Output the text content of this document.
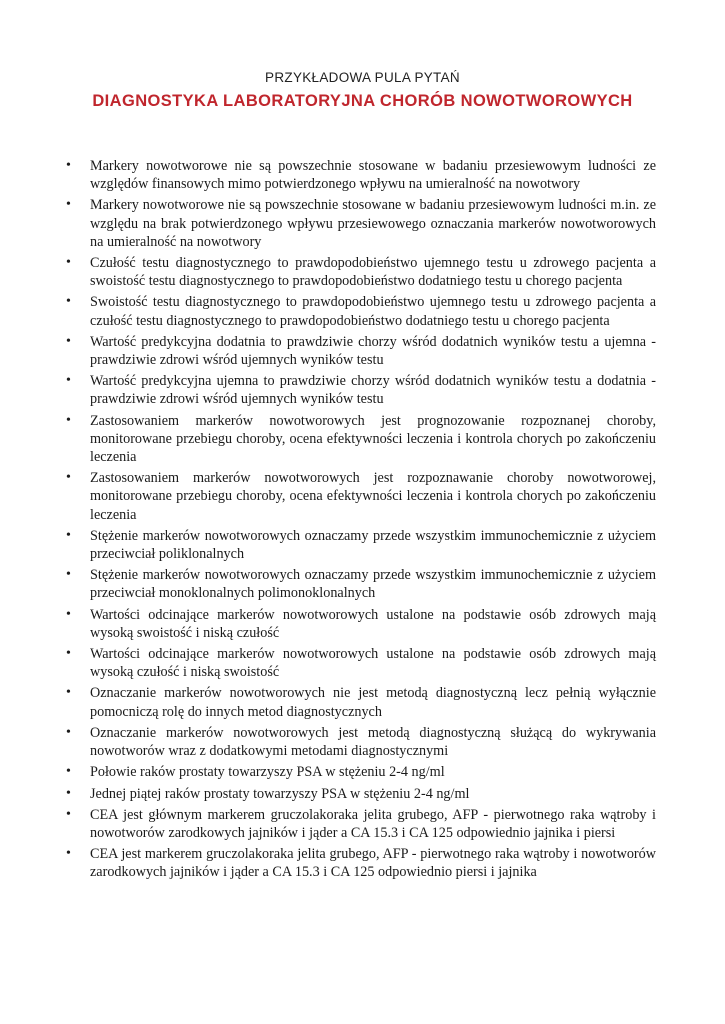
PRZYKŁADOWA PULA PYTAŃ
DIAGNOSTYKA LABORATORYJNA CHORÓB NOWOTWOROWYCH
• Markery nowotworowe nie są powszechnie stosowane w badaniu przesiewowym ludności ze względów finansowych mimo potwierdzonego wpływu na umieralność na nowotwory
• Markery nowotworowe nie są powszechnie stosowane w badaniu przesiewowym ludności m.in. ze względu na brak potwierdzonego wpływu przesiewowego oznaczania markerów nowotworowych na umieralność na nowotwory
• Czułość testu diagnostycznego to prawdopodobieństwo ujemnego testu u zdrowego pacjenta a swoistość testu diagnostycznego to prawdopodobieństwo dodatniego testu u chorego pacjenta
• Swoistość testu diagnostycznego to prawdopodobieństwo ujemnego testu u zdrowego pacjenta a czułość testu diagnostycznego to prawdopodobieństwo dodatniego testu u chorego pacjenta
• Wartość predykcyjna dodatnia to prawdziwie chorzy wśród dodatnich wyników testu a ujemna - prawdziwie zdrowi wśród ujemnych wyników testu
• Wartość predykcyjna ujemna to prawdziwie chorzy wśród dodatnich wyników testu a dodatnia - prawdziwie zdrowi wśród ujemnych wyników testu
• Zastosowaniem markerów nowotworowych jest prognozowanie rozpoznanej choroby, monitorowane przebiegu choroby, ocena efektywności leczenia i kontrola chorych po zakończeniu leczenia
• Zastosowaniem markerów nowotworowych jest rozpoznawanie choroby nowotworowej, monitorowane przebiegu choroby, ocena efektywności leczenia i kontrola chorych po zakończeniu leczenia
• Stężenie markerów nowotworowych oznaczamy przede wszystkim immunochemicznie z użyciem przeciwciał poliklonalnych
• Stężenie markerów nowotworowych oznaczamy przede wszystkim immunochemicznie z użyciem przeciwciał monoklonalnych polimonoklonalnych
• Wartości odcinające markerów nowotworowych ustalone na podstawie osób zdrowych mają wysoką swoistość i niską czułość
• Wartości odcinające markerów nowotworowych ustalone na podstawie osób zdrowych mają wysoką czułość i niską swoistość
• Oznaczanie markerów nowotworowych nie jest metodą diagnostyczną lecz pełnią wyłącznie pomocniczą rolę do innych metod diagnostycznych
• Oznaczanie markerów nowotworowych jest metodą diagnostyczną służącą do wykrywania nowotworów wraz z dodatkowymi metodami diagnostycznymi
• Połowie raków prostaty towarzyszy PSA w stężeniu 2-4 ng/ml
• Jednej piątej raków prostaty towarzyszy PSA w stężeniu 2-4 ng/ml
• CEA jest głównym markerem gruczolakoraka jelita grubego, AFP - pierwotnego raka wątroby i nowotworów zarodkowych jajników i jąder a CA 15.3 i CA 125 odpowiednio jajnika i piersi
• CEA jest markerem gruczolakoraka jelita grubego, AFP - pierwotnego raka wątroby i nowotworów zarodkowych jajników i jąder a CA 15.3 i CA 125 odpowiednio piersi i jajnika
